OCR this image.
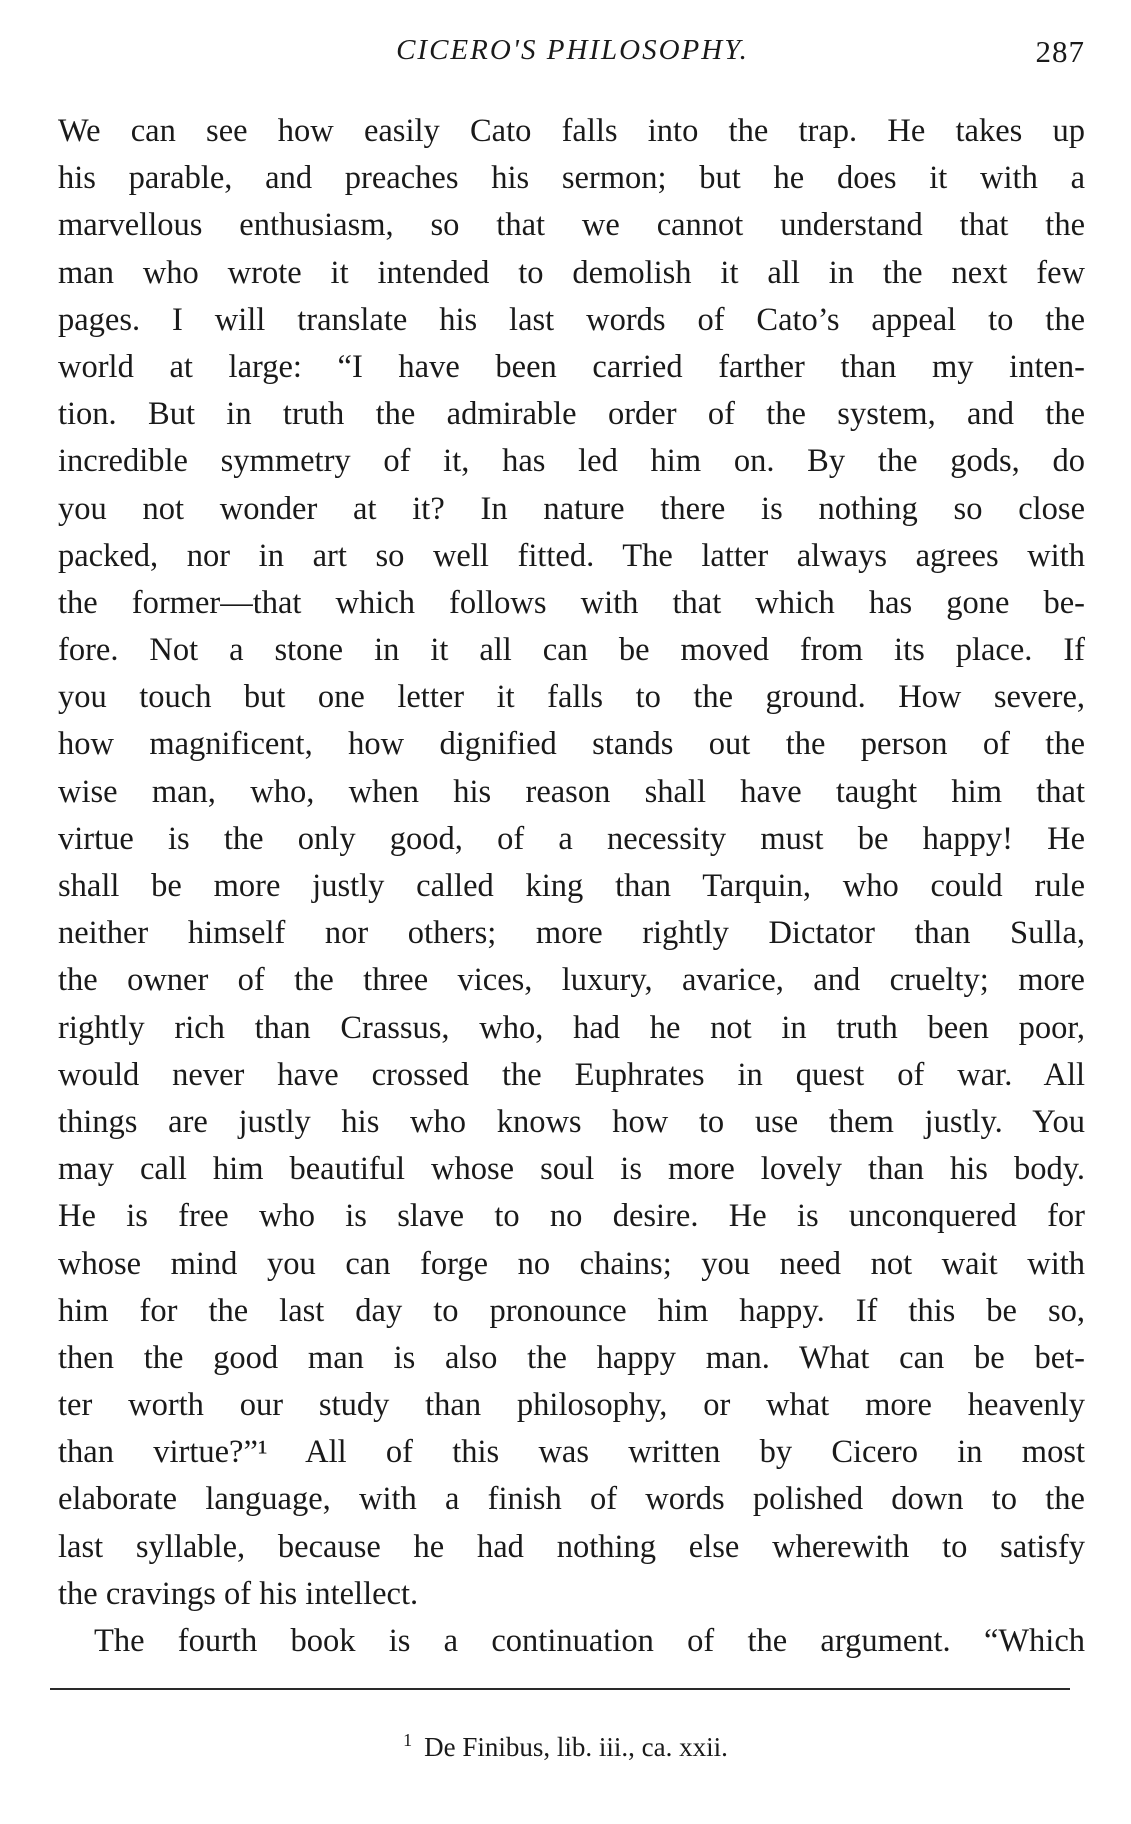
CICERO'S PHILOSOPHY.	287
We can see how easily Cato falls into the trap. He takes up
his parable, and preaches his sermon; but he does it with a
marvellous enthusiasm, so that we cannot understand that the
man who wrote it intended to demolish it all in the next few
pages. I will translate his last words of Cato’s appeal to the
world at large: “I have been carried farther than my inten-
tion. But in truth the admirable order of the system, and the
incredible symmetry of it, has led him on. By the gods, do
you not wonder at it? In nature there is nothing so close
packed, nor in art so well fitted. The latter always agrees with
the former—that which follows with that which has gone be-
fore. Not a stone in it all can be moved from its place. If
you touch but one letter it falls to the ground. How severe,
how magnificent, how dignified stands out the person of the
wise man, who, when his reason shall have taught him that
virtue is the only good, of a necessity must be happy! He
shall be more justly called king than Tarquin, who could rule
neither himself nor others; more rightly Dictator than Sulla,
the owner of the three vices, luxury, avarice, and cruelty; more
rightly rich than Crassus, who, had he not in truth been poor,
would never have crossed the Euphrates in quest of war. All
things are justly his who knows how to use them justly. You
may call him beautiful whose soul is more lovely than his body.
He is free who is slave to no desire. He is unconquered for
whose mind you can forge no chains; you need not wait with
him for the last day to pronounce him happy. If this be so,
then the good man is also the happy man. What can be bet-
ter worth our study than philosophy, or what more heavenly
than virtue?”¹ All of this was written by Cicero in most
elaborate language, with a finish of words polished down to the
last syllable, because he had nothing else wherewith to satisfy
the cravings of his intellect.
The fourth book is a continuation of the argument. “Which
$^1$ De Finibus, lib. iii., ca. xxii.
